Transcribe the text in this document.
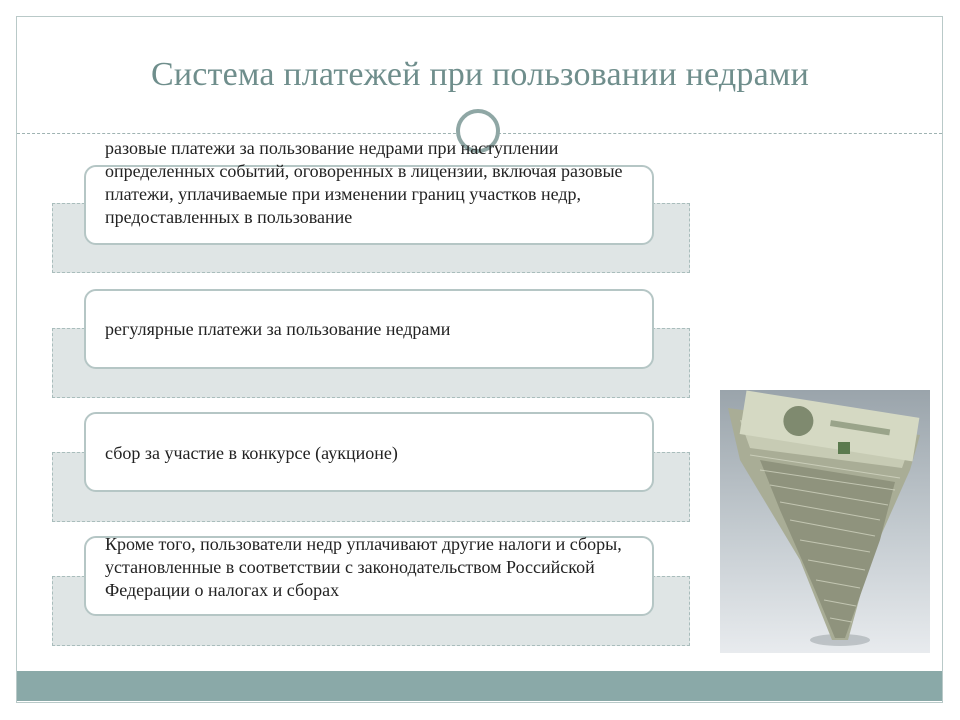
Система платежей при пользовании недрами
разовые платежи за пользование недрами при наступлении определенных событий, оговоренных в лицензии, включая разовые платежи, уплачиваемые при изменении границ участков недр, предоставленных в пользование
регулярные платежи за пользование недрами
сбор за участие в конкурсе (аукционе)
Кроме того, пользователи недр уплачивают другие налоги и сборы, установленные в соответствии с законодательством Российской Федерации о налогах и сборах
